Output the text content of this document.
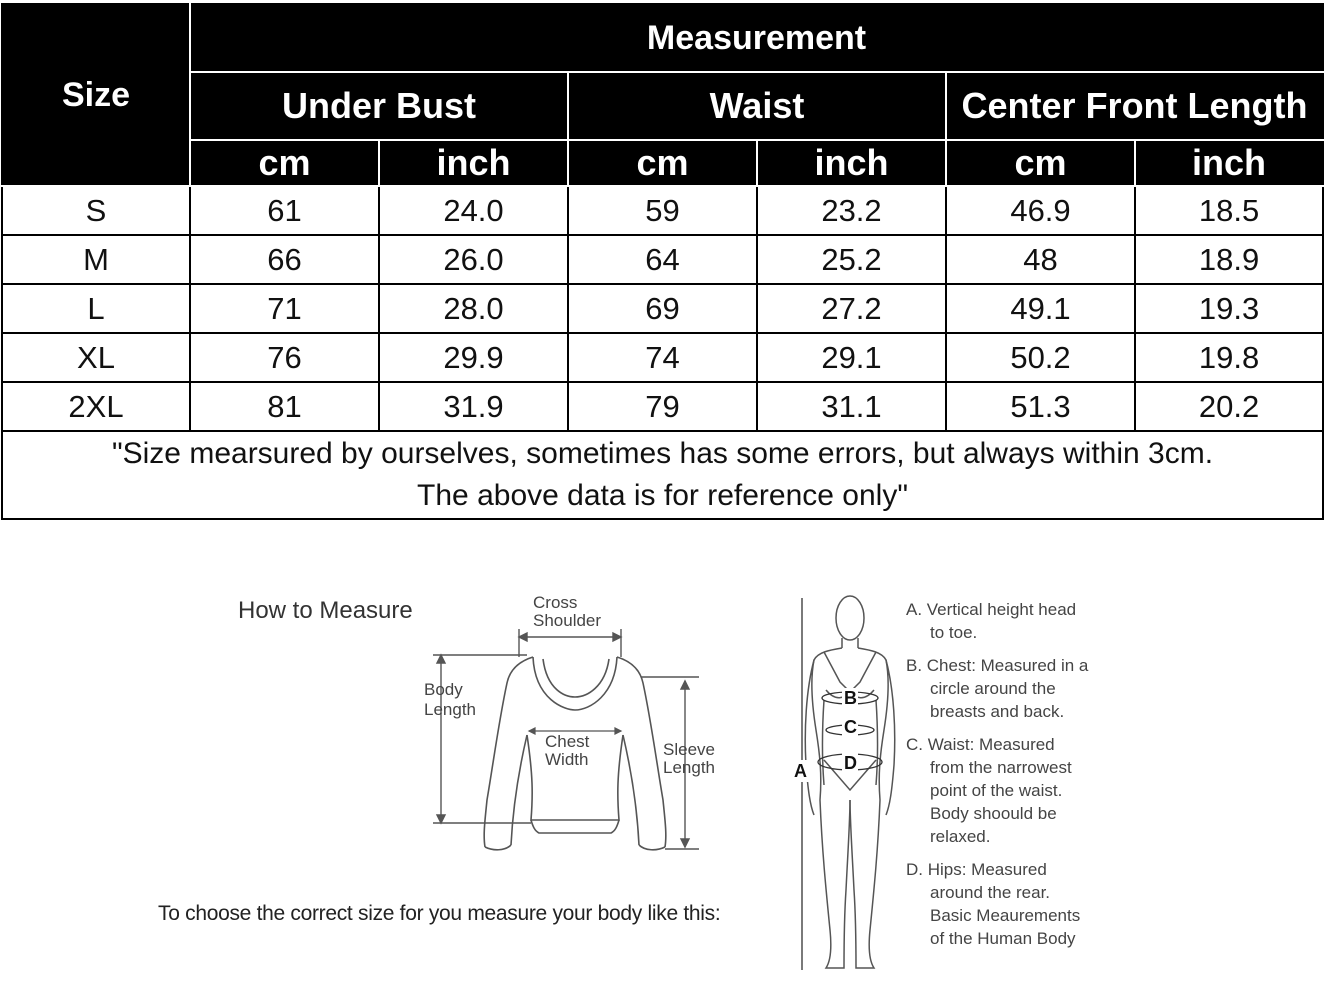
Size	Measurement					
	Under Bust		Waist		Center Front Length	
	cm	inch	cm	inch	cm	inch
S	61	24.0	59	23.2	46.9	18.5
M	66	26.0	64	25.2	48	18.9
L	71	28.0	69	27.2	49.1	19.3
XL	76	29.9	74	29.1	50.2	19.8
2XL	81	31.9	79	31.1	51.3	20.2

"Size mearsured by ourselves, sometimes has some errors, but always within 3cm.
The above data is for reference only"						
How to Measure	Cross
Shoulder
Body
Length
Chest
Width
Sleeve
Length
To choose the correct size for you measure your body like this:
A
B
C
D
A. Vertical height head
to toe.
B. Chest: Measured in a
circle around the
breasts and back.
C. Waist: Measured
from the narrowest
point of the waist.
Body shoould be
relaxed.
D. Hips: Measured
around the rear.
Basic Meaurements
of the Human Body
